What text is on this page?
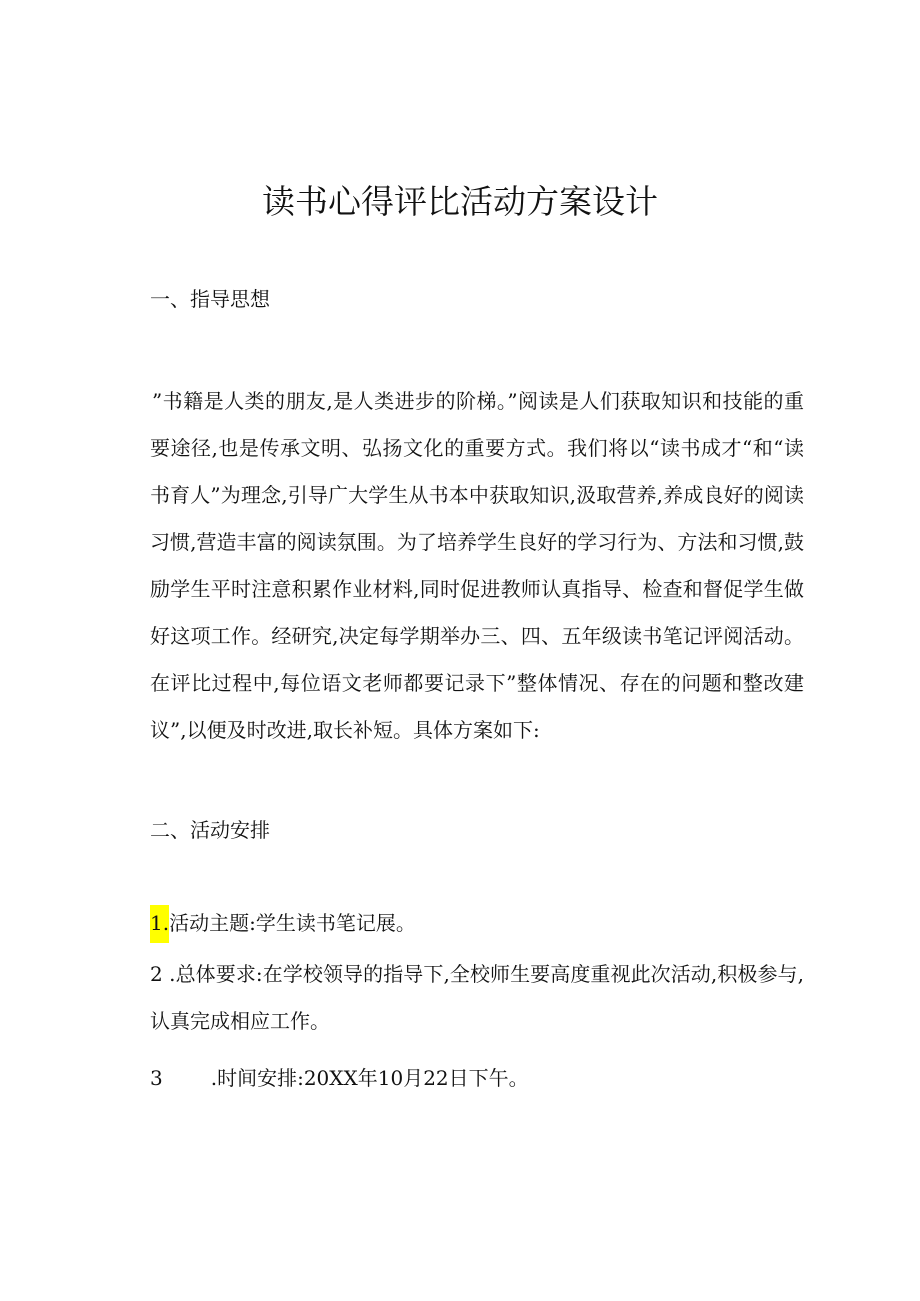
读书心得评比活动方案设计

一、指导思想

”书籍是人类的朋友,是人类进步的阶梯。”阅读是人们获取知识和技能的重要途径,也是传承文明、弘扬文化的重要方式。我们将以“读书成才“和“读书育人”为理念,引导广大学生从书本中获取知识,汲取营养,养成良好的阅读习惯,营造丰富的阅读氛围。为了培养学生良好的学习行为、方法和习惯,鼓励学生平时注意积累作业材料,同时促进教师认真指导、检查和督促学生做好这项工作。经研究,决定每学期举办三、四、五年级读书笔记评阅活动。在评比过程中,每位语文老师都要记录下”整体情况、存在的问题和整改建议”,以便及时改进,取长补短。具体方案如下:

二、活动安排

1.活动主题:学生读书笔记展。

2 .总体要求:在学校领导的指导下,全校师生要高度重视此次活动,积极参与,认真完成相应工作。

3 .时间安排:20XX年10月22日下午。
